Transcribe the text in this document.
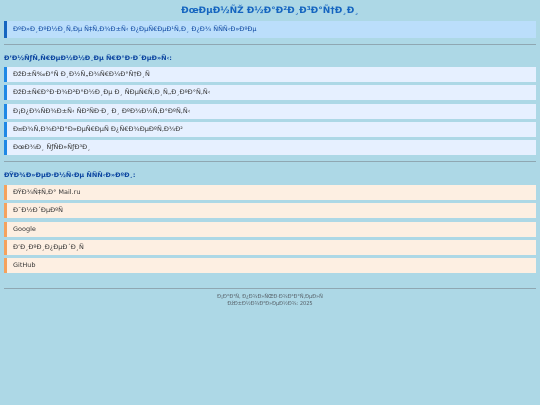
ÐœÐµÐ½ÑŽ Ð½Ð°Ð²Ð¸Ð³Ð°Ñ†Ð¸Ð¸
ÐºÐ»Ð¸ÐºÐ½Ð¸Ñ‚Ðµ Ñ‡Ñ‚Ð¾Ð±Ñ‹ Ð¿ÐµÑ€ÐµÐ¹Ñ‚Ð¸ Ð¿Ð¾ ÑÑÑ‹Ð»ÐºÐµ
Ð’Ð½ÑƒÑ‚Ñ€ÐµÐ½Ð½Ð¸Ðµ Ñ€Ð°Ð·Ð´ÐµÐ»Ñ‹:
ÐžÐ±Ñ‰Ð°Ñ Ð¸Ð½Ñ„Ð¾Ñ€Ð¼Ð°Ñ†Ð¸Ñ
ÐžÐ±Ñ€Ð°Ð·Ð¾Ð²Ð°Ð½Ð¸Ðµ Ð¸ ÑÐµÑ€Ñ‚Ð¸Ñ„Ð¸ÐºÐ°Ñ‚Ñ‹
Ð¡Ð¿Ð¾ÑÐ¾Ð±Ñ‹ ÑÐ²ÑÐ·Ð¸ Ð¸ ÐºÐ¾Ð½Ñ‚Ð°ÐºÑ‚Ñ‹
Ð¤Ð¾Ñ‚Ð¾Ð³Ð°Ð»ÐµÑ€ÐµÑ Ð¿Ñ€Ð¾ÐµÐºÑ‚Ð¾Ð²
ÐœÐ¾Ð¸ ÑƒÑÐ»ÑƒÐ³Ð¸
ÐŸÐ¾Ð»ÐµÐ·Ð½Ñ‹Ðµ ÑÑÑ‹Ð»ÐºÐ¸:
ÐŸÐ¾Ñ‡Ñ‚Ð° Mail.ru
Ð¯Ð½Ð´ÐµÐºÑ
Google
Ð’Ð¸ÐºÐ¸Ð¿ÐµÐ´Ð¸Ñ
GitHub
Ð¡Ð°Ð¹Ñ‚ Ð¿Ð¾Ð»ÑŒÐ·Ð¾Ð²Ð°Ñ‚ÐµÐ»Ñ
ÐžÐ±Ð½Ð¾Ð²Ð»ÐµÐ½Ð¾: 2025
